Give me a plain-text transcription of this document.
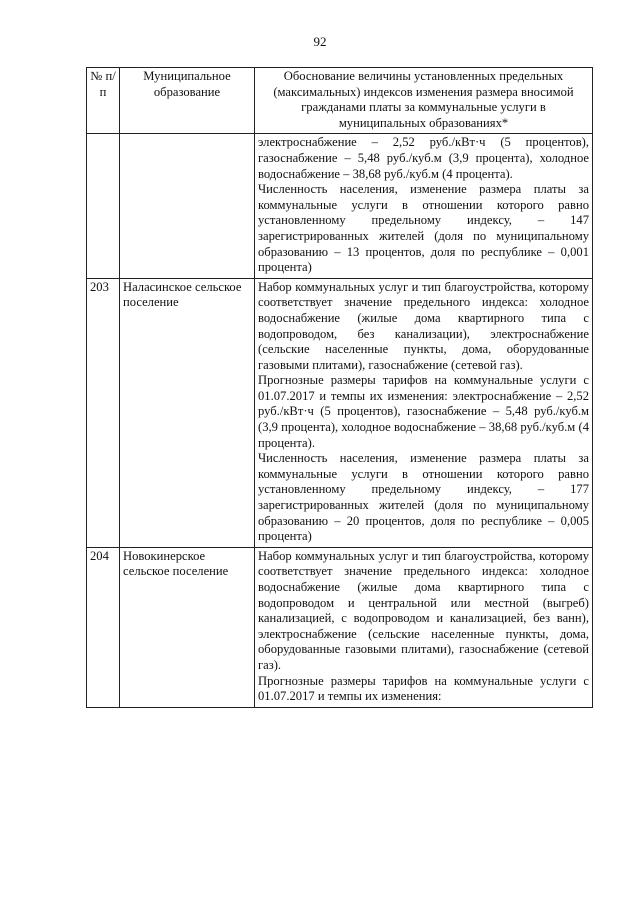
92
№ п/п	Муниципальное образование	Обоснование величины установленных предельных (максимальных) индексов изменения размера вносимой гражданами платы за коммунальные услуги в муниципальных образованиях*

		электроснабжение – 2,52 руб./кВт·ч (5 процентов), газоснабжение – 5,48 руб./куб.м (3,9 процента), холодное водоснабжение – 38,68 руб./куб.м (4 процента).

Численность населения, изменение размера платы за коммунальные услуги в отношении которого равно установленному предельному индексу, – 147 зарегистрированных жителей (доля по муниципальному образованию – 13 процентов, доля по республике – 0,001 процента)

203	Наласинское сельское поселение	Набор коммунальных услуг и тип благоустройства, которому соответствует значение предельного индекса: холодное водоснабжение (жилые дома квартирного типа с водопроводом, без канализации), электроснабжение (сельские населенные пункты, дома, оборудованные газовыми плитами), газоснабжение (сетевой газ).

Прогнозные размеры тарифов на коммунальные услуги с 01.07.2017 и темпы их изменения: электроснабжение – 2,52 руб./кВт·ч (5 процентов), газоснабжение – 5,48 руб./куб.м (3,9 процента), холодное водоснабжение – 38,68 руб./куб.м (4 процента).

Численность населения, изменение размера платы за коммунальные услуги в отношении которого равно установленному предельному индексу, – 177 зарегистрированных жителей (доля по муниципальному образованию – 20 процентов, доля по республике – 0,005 процента)

204	Новокинерское сельское поселение	Набор коммунальных услуг и тип благоустройства, которому соответствует значение предельного индекса: холодное водоснабжение (жилые дома квартирного типа с водопроводом и центральной или местной (выгреб) канализацией, с водопроводом и канализацией, без ванн), электроснабжение (сельские населенные пункты, дома, оборудованные газовыми плитами), газоснабжение (сетевой газ).

Прогнозные размеры тарифов на коммунальные услуги с 01.07.2017 и темпы их изменения:
